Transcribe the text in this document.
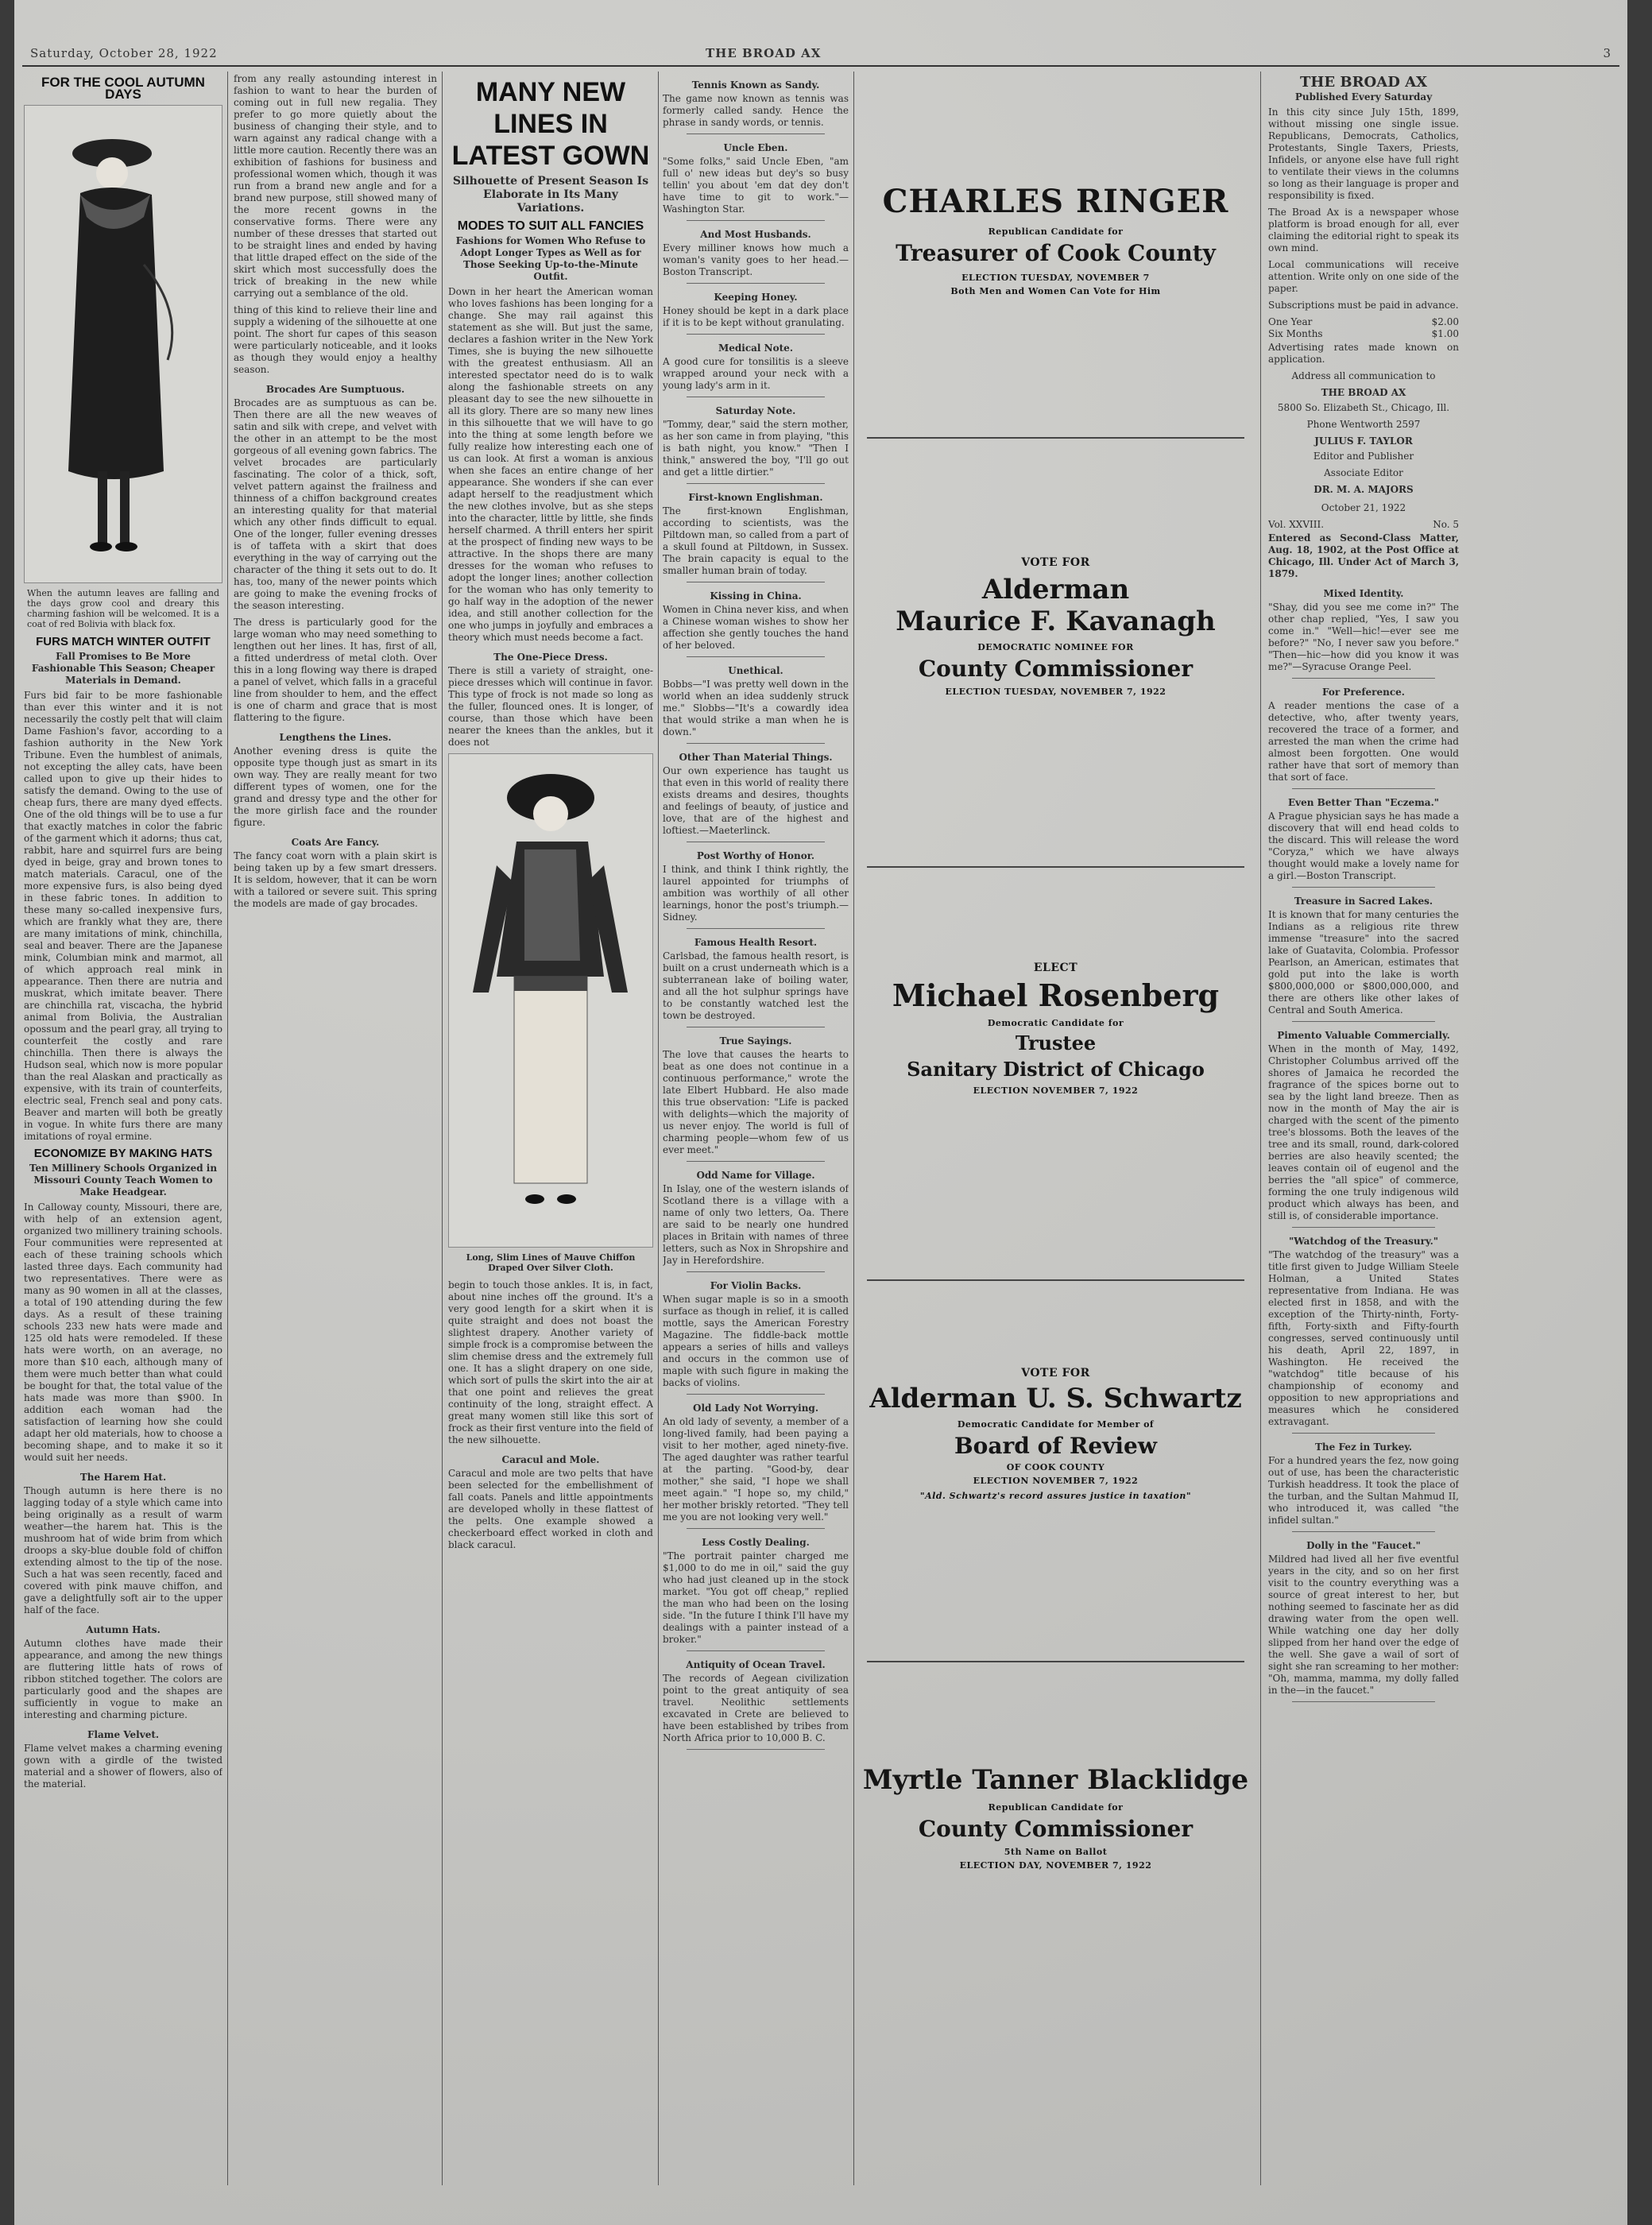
Saturday, October 28, 1922	THE BROAD AX	3
FOR THE COOL AUTUMN DAYS
When the autumn leaves are falling and the days grow cool and dreary this charming fashion will be welcomed. It is a coat of red Bolivia with black fox.
FURS MATCH WINTER OUTFIT
Fall Promises to Be More Fashionable This Season; Cheaper Materials in Demand.
Furs bid fair to be more fashionable than ever this winter and it is not necessarily the costly pelt that will claim Dame Fashion's favor, according to a fashion authority in the New York Tribune. Even the humblest of animals, not excepting the alley cats, have been called upon to give up their hides to satisfy the demand. Owing to the use of cheap furs, there are many dyed effects. One of the old things will be to use a fur that exactly matches in color the fabric of the garment which it adorns; thus cat, rabbit, hare and squirrel furs are being dyed in beige, gray and brown tones to match materials. Caracul, one of the more expensive furs, is also being dyed in these fabric tones. In addition to these many so-called inexpensive furs, which are frankly what they are, there are many imitations of mink, chinchilla, seal and beaver. There are the Japanese mink, Columbian mink and marmot, all of which approach real mink in appearance. Then there are nutria and muskrat, which imitate beaver. There are chinchilla rat, viscacha, the hybrid animal from Bolivia, the Australian opossum and the pearl gray, all trying to counterfeit the costly and rare chinchilla. Then there is always the Hudson seal, which now is more popular than the real Alaskan and practically as expensive, with its train of counterfeits, electric seal, French seal and pony cats. Beaver and marten will both be greatly in vogue. In white furs there are many imitations of royal ermine.
ECONOMIZE BY MAKING HATS
Ten Millinery Schools Organized in Missouri County Teach Women to Make Headgear.
In Calloway county, Missouri, there are, with help of an extension agent, organized two millinery training schools. Four communities were represented at each of these training schools which lasted three days. Each community had two representatives. There were as many as 90 women in all at the classes, a total of 190 attending during the few days. As a result of these training schools 233 new hats were made and 125 old hats were remodeled. If these hats were worth, on an average, no more than $10 each, although many of them were much better than what could be bought for that, the total value of the hats made was more than $900. In addition each woman had the satisfaction of learning how she could adapt her old materials, how to choose a becoming shape, and to make it so it would suit her needs.
The Harem Hat.
Though autumn is here there is no lagging today of a style which came into being originally as a result of warm weather—the harem hat. This is the mushroom hat of wide brim from which droops a sky-blue double fold of chiffon extending almost to the tip of the nose. Such a hat was seen recently, faced and covered with pink mauve chiffon, and gave a delightfully soft air to the upper half of the face.
Autumn Hats.
Autumn clothes have made their appearance, and among the new things are fluttering little hats of rows of ribbon stitched together. The colors are particularly good and the shapes are sufficiently in vogue to make an interesting and charming picture.
Flame Velvet.
Flame velvet makes a charming evening gown with a girdle of the twisted material and a shower of flowers, also of the material.
from any really astounding interest in fashion to want to hear the burden of coming out in full new regalia. They prefer to go more quietly about the business of changing their style, and to warn against any radical change with a little more caution. Recently there was an exhibition of fashions for business and professional women which, though it was run from a brand new angle and for a brand new purpose, still showed many of the more recent gowns in the conservative forms. There were any number of these dresses that started out to be straight lines and ended by having that little draped effect on the side of the skirt which most successfully does the trick of breaking in the new while carrying out a semblance of the old.
thing of this kind to relieve their line and supply a widening of the silhouette at one point. The short fur capes of this season were particularly noticeable, and it looks as though they would enjoy a healthy season.
Brocades Are Sumptuous.
Brocades are as sumptuous as can be. Then there are all the new weaves of satin and silk with crepe, and velvet with the other in an attempt to be the most gorgeous of all evening gown fabrics. The velvet brocades are particularly fascinating. The color of a thick, soft, velvet pattern against the frailness and thinness of a chiffon background creates an interesting quality for that material which any other finds difficult to equal. One of the longer, fuller evening dresses is of taffeta with a skirt that does everything in the way of carrying out the character of the thing it sets out to do. It has, too, many of the newer points which are going to make the evening frocks of the season interesting.
The dress is particularly good for the large woman who may need something to lengthen out her lines. It has, first of all, a fitted underdress of metal cloth. Over this in a long flowing way there is draped a panel of velvet, which falls in a graceful line from shoulder to hem, and the effect is one of charm and grace that is most flattering to the figure.
Lengthens the Lines.
Another evening dress is quite the opposite type though just as smart in its own way. They are really meant for two different types of women, one for the grand and dressy type and the other for the more girlish face and the rounder figure.
Coats Are Fancy.
The fancy coat worn with a plain skirt is being taken up by a few smart dressers. It is seldom, however, that it can be worn with a tailored or severe suit. This spring the models are made of gay brocades.
MANY NEW LINES IN LATEST GOWN
Silhouette of Present Season Is Elaborate in Its Many Variations.
MODES TO SUIT ALL FANCIES
Fashions for Women Who Refuse to Adopt Longer Types as Well as for Those Seeking Up-to-the-Minute Outfit.
Down in her heart the American woman who loves fashions has been longing for a change. She may rail against this statement as she will. But just the same, declares a fashion writer in the New York Times, she is buying the new silhouette with the greatest enthusiasm. All an interested spectator need do is to walk along the fashionable streets on any pleasant day to see the new silhouette in all its glory. There are so many new lines in this silhouette that we will have to go into the thing at some length before we fully realize how interesting each one of us can look. At first a woman is anxious when she faces an entire change of her appearance. She wonders if she can ever adapt herself to the readjustment which the new clothes involve, but as she steps into the character, little by little, she finds herself charmed. A thrill enters her spirit at the prospect of finding new ways to be attractive. In the shops there are many dresses for the woman who refuses to adopt the longer lines; another collection for the woman who has only temerity to go half way in the adoption of the newer idea, and still another collection for the one who jumps in joyfully and embraces a theory which must needs become a fact.
The One-Piece Dress.
There is still a variety of straight, one-piece dresses which will continue in favor. This type of frock is not made so long as the fuller, flounced ones. It is longer, of course, than those which have been nearer the knees than the ankles, but it does not
Long, Slim Lines of Mauve Chiffon Draped Over Silver Cloth.
begin to touch those ankles. It is, in fact, about nine inches off the ground. It's a very good length for a skirt when it is quite straight and does not boast the slightest drapery. Another variety of simple frock is a compromise between the slim chemise dress and the extremely full one. It has a slight drapery on one side, which sort of pulls the skirt into the air at that one point and relieves the great continuity of the long, straight effect. A great many women still like this sort of frock as their first venture into the field of the new silhouette.
Caracul and Mole.
Caracul and mole are two pelts that have been selected for the embellishment of fall coats. Panels and little appointments are developed wholly in these flattest of the pelts. One example showed a checkerboard effect worked in cloth and black caracul.
Tennis Known as Sandy.
The game now known as tennis was formerly called sandy. Hence the phrase in sandy words, or tennis.
Uncle Eben.
"Some folks," said Uncle Eben, "am full o' new ideas but dey's so busy tellin' you about 'em dat dey don't have time to git to work."—Washington Star.
And Most Husbands.
Every milliner knows how much a woman's vanity goes to her head.—Boston Transcript.
Keeping Honey.
Honey should be kept in a dark place if it is to be kept without granulating.
Medical Note.
A good cure for tonsilitis is a sleeve wrapped around your neck with a young lady's arm in it.
Saturday Note.
"Tommy, dear," said the stern mother, as her son came in from playing, "this is bath night, you know." "Then I think," answered the boy, "I'll go out and get a little dirtier."
First-known Englishman.
The first-known Englishman, according to scientists, was the Piltdown man, so called from a part of a skull found at Piltdown, in Sussex. The brain capacity is equal to the smaller human brain of today.
Kissing in China.
Women in China never kiss, and when a Chinese woman wishes to show her affection she gently touches the hand of her beloved.
Unethical.
Bobbs—"I was pretty well down in the world when an idea suddenly struck me." Slobbs—"It's a cowardly idea that would strike a man when he is down."
Other Than Material Things.
Our own experience has taught us that even in this world of reality there exists dreams and desires, thoughts and feelings of beauty, of justice and love, that are of the highest and loftiest.—Maeterlinck.
Post Worthy of Honor.
I think, and think I think rightly, the laurel appointed for triumphs of ambition was worthily of all other learnings, honor the post's triumph.—Sidney.
Famous Health Resort.
Carlsbad, the famous health resort, is built on a crust underneath which is a subterranean lake of boiling water, and all the hot sulphur springs have to be constantly watched lest the town be destroyed.
True Sayings.
The love that causes the hearts to beat as one does not continue in a continuous performance," wrote the late Elbert Hubbard. He also made this true observation: "Life is packed with delights—which the majority of us never enjoy. The world is full of charming people—whom few of us ever meet."
Odd Name for Village.
In Islay, one of the western islands of Scotland there is a village with a name of only two letters, Oa. There are said to be nearly one hundred places in Britain with names of three letters, such as Nox in Shropshire and Jay in Herefordshire.
For Violin Backs.
When sugar maple is so in a smooth surface as though in relief, it is called mottle, says the American Forestry Magazine. The fiddle-back mottle appears a series of hills and valleys and occurs in the common use of maple with such figure in making the backs of violins.
Old Lady Not Worrying.
An old lady of seventy, a member of a long-lived family, had been paying a visit to her mother, aged ninety-five. The aged daughter was rather tearful at the parting. "Good-by, dear mother," she said, "I hope we shall meet again." "I hope so, my child," her mother briskly retorted. "They tell me you are not looking very well."
Less Costly Dealing.
"The portrait painter charged me $1,000 to do me in oil," said the guy who had just cleaned up in the stock market. "You got off cheap," replied the man who had been on the losing side. "In the future I think I'll have my dealings with a painter instead of a broker."
Antiquity of Ocean Travel.
The records of Aegean civilization point to the great antiquity of sea travel. Neolithic settlements excavated in Crete are believed to have been established by tribes from North Africa prior to 10,000 B. C.
CHARLES RINGER
Republican Candidate for
Treasurer of Cook County
ELECTION TUESDAY, NOVEMBER 7
Both Men and Women Can Vote for Him
VOTE FOR
Alderman
Maurice F. Kavanagh
DEMOCRATIC NOMINEE FOR
County Commissioner
ELECTION TUESDAY, NOVEMBER 7, 1922
ELECT
Michael Rosenberg
Democratic Candidate for
Trustee
Sanitary District of Chicago
ELECTION NOVEMBER 7, 1922
VOTE FOR
Alderman U. S. Schwartz
Democratic Candidate for Member of
Board of Review
OF COOK COUNTY
ELECTION NOVEMBER 7, 1922
"Ald. Schwartz's record assures justice in taxation"
Myrtle Tanner Blacklidge
Republican Candidate for
County Commissioner
5th Name on Ballot
ELECTION DAY, NOVEMBER 7, 1922
THE BROAD AX
Published Every Saturday
In this city since July 15th, 1899, without missing one single issue. Republicans, Democrats, Catholics, Protestants, Single Taxers, Priests, Infidels, or anyone else have full right to ventilate their views in the columns so long as their language is proper and responsibility is fixed.
The Broad Ax is a newspaper whose platform is broad enough for all, ever claiming the editorial right to speak its own mind.
Local communications will receive attention. Write only on one side of the paper.
Subscriptions must be paid in advance.
One Year	$2.00
Six Months	$1.00
Advertising rates made known on application.
Address all communication to
THE BROAD AX
5800 So. Elizabeth St., Chicago, Ill.
Phone Wentworth 2597
JULIUS F. TAYLOR
Editor and Publisher
Associate Editor
DR. M. A. MAJORS
October 21, 1922
Vol. XXVIII.	No. 5
Entered as Second-Class Matter, Aug. 18, 1902, at the Post Office at Chicago, Ill. Under Act of March 3, 1879.
Mixed Identity.
"Shay, did you see me come in?" The other chap replied, "Yes, I saw you come in." "Well—hic!—ever see me before?" "No, I never saw you before." "Then—hic—how did you know it was me?"—Syracuse Orange Peel.
For Preference.
A reader mentions the case of a detective, who, after twenty years, recovered the trace of a former, and arrested the man when the crime had almost been forgotten. One would rather have that sort of memory than that sort of face.
Even Better Than "Eczema."
A Prague physician says he has made a discovery that will end head colds to the discard. This will release the word "Coryza," which we have always thought would make a lovely name for a girl.—Boston Transcript.
Treasure in Sacred Lakes.
It is known that for many centuries the Indians as a religious rite threw immense "treasure" into the sacred lake of Guatavita, Colombia. Professor Pearlson, an American, estimates that gold put into the lake is worth $800,000,000 or $800,000,000, and there are others like other lakes of Central and South America.
Pimento Valuable Commercially.
When in the month of May, 1492, Christopher Columbus arrived off the shores of Jamaica he recorded the fragrance of the spices borne out to sea by the light land breeze. Then as now in the month of May the air is charged with the scent of the pimento tree's blossoms. Both the leaves of the tree and its small, round, dark-colored berries are also heavily scented; the leaves contain oil of eugenol and the berries the "all spice" of commerce, forming the one truly indigenous wild product which always has been, and still is, of considerable importance.
"Watchdog of the Treasury."
"The watchdog of the treasury" was a title first given to Judge William Steele Holman, a United States representative from Indiana. He was elected first in 1858, and with the exception of the Thirty-ninth, Forty-fifth, Forty-sixth and Fifty-fourth congresses, served continuously until his death, April 22, 1897, in Washington. He received the "watchdog" title because of his championship of economy and opposition to new appropriations and measures which he considered extravagant.
The Fez in Turkey.
For a hundred years the fez, now going out of use, has been the characteristic Turkish headdress. It took the place of the turban, and the Sultan Mahmud II, who introduced it, was called "the infidel sultan."
Dolly in the "Faucet."
Mildred had lived all her five eventful years in the city, and so on her first visit to the country everything was a source of great interest to her, but nothing seemed to fascinate her as did drawing water from the open well. While watching one day her dolly slipped from her hand over the edge of the well. She gave a wail of sort of sight she ran screaming to her mother: "Oh, mamma, mamma, my dolly falled in the—in the faucet."
